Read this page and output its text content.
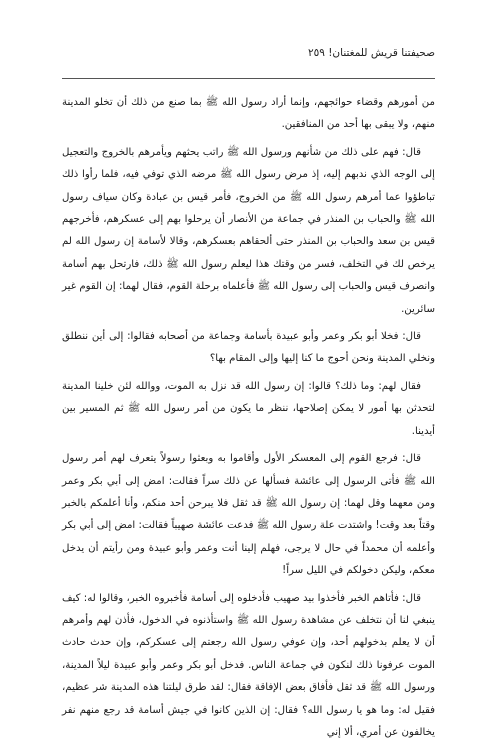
صحيفتنا قريش للمغتنان! ٢٥٩

من أمورهم وقضاء حوائجهم، وإنما أراد رسول الله ﷺ بما صنع من ذلك أن تخلو المدينة منهم، ولا يبقى بها أحد من المنافقين.

قال: فهم على ذلك من شأنهم ورسول الله ﷺ راتب يحثهم ويأمرهم بالخروج والتعجيل إلى الوجه الذي ندبهم إليه، إذ مرض رسول الله ﷺ مرضه الذي توفي فيه، فلما رأوا ذلك تباطؤوا عما أمرهم رسول الله ﷺ من الخروج، فأمر قيس بن عبادة وكان سياف رسول الله ﷺ والحباب بن المنذر في جماعة من الأنصار أن يرحلوا بهم إلى عسكرهم، فأخرجهم قيس بن سعد والحباب بن المنذر حتى ألحقاهم بعسكرهم، وقالا لأسامة إن رسول الله لم يرخص لك في التخلف، فسر من وقتك هذا ليعلم رسول الله ﷺ ذلك، فارتحل بهم أسامة وانصرف قيس والحباب إلى رسول الله ﷺ فأعلماه برحلة القوم، فقال لهما: إن القوم غير سائرين.

قال: فخلا أبو بكر وعمر وأبو عبيدة بأسامة وجماعة من أصحابه فقالوا: إلى أين ننطلق ونخلي المدينة ونحن أحوج ما كنا إليها وإلى المقام بها؟

فقال لهم: وما ذلك؟ قالوا: إن رسول الله قد نزل به الموت، ووالله لئن خلينا المدينة لتحدثن بها أمور لا يمكن إصلاحها، ننظر ما يكون من أمر رسول الله ﷺ ثم المسير بين أيدينا.

قال: فرجع القوم إلى المعسكر الأول وأقاموا به وبعثوا رسولاً يتعرف لهم أمر رسول الله ﷺ فأتى الرسول إلى عائشة فسألها عن ذلك سراً فقالت: امض إلى أبي بكر وعمر ومن معهما وقل لهما: إن رسول الله ﷺ قد ثقل فلا يبرحن أحد منكم، وأنا أعلمكم بالخبر وقتاً بعد وقت! واشتدت علة رسول الله ﷺ فدعت عائشة صهيباً فقالت: امض إلى أبي بكر وأعلمه أن محمداً في حال لا يرجى، فهلم إلينا أنت وعمر وأبو عبيدة ومن رأيتم أن يدخل معكم، وليكن دخولكم في الليل سراً!

قال: فأتاهم الخبر فأخذوا بيد صهيب فأدخلوه إلى أسامة فأخبروه الخبر، وقالوا له: كيف ينبغي لنا أن نتخلف عن مشاهدة رسول الله ﷺ واستأذنوه في الدخول، فأذن لهم وأمرهم أن لا يعلم بدخولهم أحد، وإن عوفي رسول الله رجعتم إلى عسكركم، وإن حدث حادث الموت عرفونا ذلك لنكون في جماعة الناس. فدخل أبو بكر وعمر وأبو عبيدة ليلاً المدينة، ورسول الله ﷺ قد ثقل فأفاق بعض الإفاقة فقال: لقد طرق ليلتنا هذه المدينة شر عظيم، فقيل له: وما هو يا رسول الله؟ فقال: إن الذين كانوا في جيش أسامة قد رجع منهم نفر يخالفون عن أمري، ألا إني
